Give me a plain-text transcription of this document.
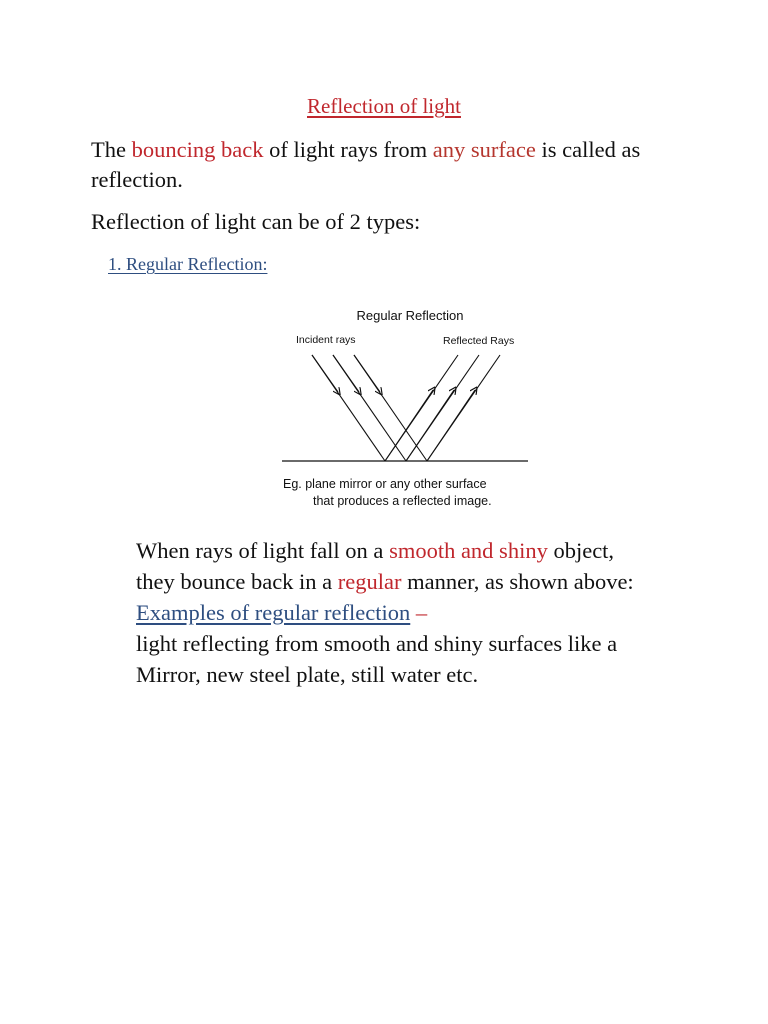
Reflection of light
The bouncing back of light rays from any surface is called as reflection.
Reflection of light can be of 2 types:
1. Regular Reflection:
Regular Reflection
Incident rays	Reflected Rays
Eg. plane mirror or any other surface
that produces a reflected image.
When rays of light fall on a smooth and shiny object,
they bounce back in a regular manner, as shown above:
Examples of regular reflection –
light reflecting from smooth and shiny surfaces like a
Mirror, new steel plate, still water etc.
